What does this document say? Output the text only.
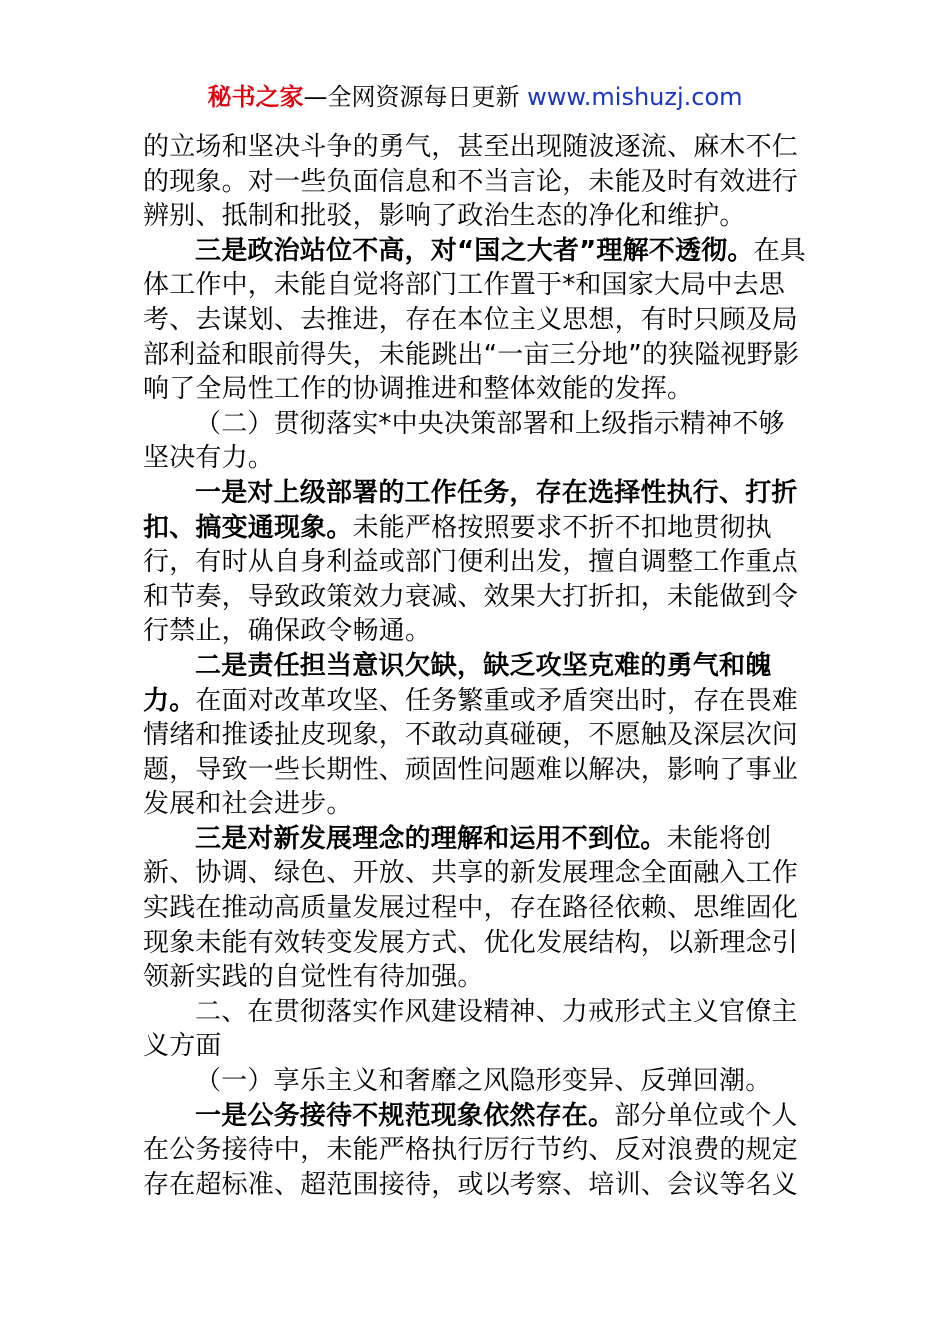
秘书之家—全网资源每日更新 www.mishuzj.com

的立场和坚决斗争的勇气，甚至出现随波逐流、麻木不仁的现象。对一些负面信息和不当言论，未能及时有效进行辨别、抵制和批驳，影响了政治生态的净化和维护。

三是政治站位不高，对“国之大者”理解不透彻。在具体工作中，未能自觉将部门工作置于*和国家大局中去思考、去谋划、去推进，存在本位主义思想，有时只顾及局部利益和眼前得失，未能跳出“一亩三分地”的狭隘视野影响了全局性工作的协调推进和整体效能的发挥。

（二）贯彻落实*中央决策部署和上级指示精神不够坚决有力。

一是对上级部署的工作任务，存在选择性执行、打折扣、搞变通现象。未能严格按照要求不折不扣地贯彻执行，有时从自身利益或部门便利出发，擅自调整工作重点和节奏，导致政策效力衰减、效果大打折扣，未能做到令行禁止，确保政令畅通。

二是责任担当意识欠缺，缺乏攻坚克难的勇气和魄力。在面对改革攻坚、任务繁重或矛盾突出时，存在畏难情绪和推诿扯皮现象，不敢动真碰硬，不愿触及深层次问题，导致一些长期性、顽固性问题难以解决，影响了事业发展和社会进步。

三是对新发展理念的理解和运用不到位。未能将创新、协调、绿色、开放、共享的新发展理念全面融入工作实践在推动高质量发展过程中，存在路径依赖、思维固化现象未能有效转变发展方式、优化发展结构，以新理念引领新实践的自觉性有待加强。

二、在贯彻落实作风建设精神、力戒形式主义官僚主义方面

（一）享乐主义和奢靡之风隐形变异、反弹回潮。

一是公务接待不规范现象依然存在。部分单位或个人在公务接待中，未能严格执行厉行节约、反对浪费的规定存在超标准、超范围接待，或以考察、培训、会议等名义
